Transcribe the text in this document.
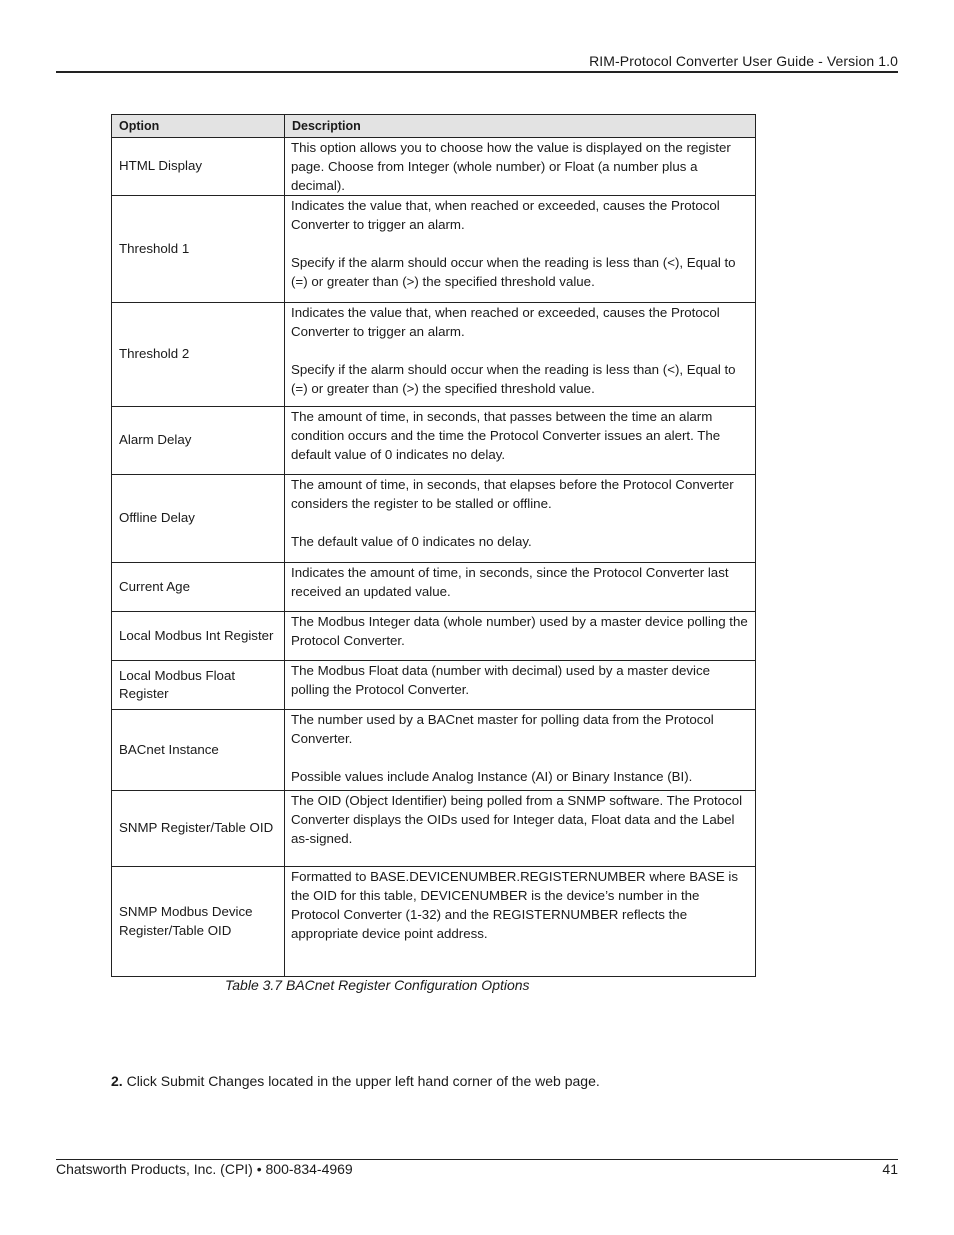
RIM-Protocol Converter User Guide - Version 1.0
Option	Description
HTML Display	This option allows you to choose how the value is displayed on the register page. Choose from Integer (whole number) or Float (a number plus a decimal).

Threshold 1	Indicates the value that, when reached or exceeded, causes the Protocol Converter to trigger an alarm.
Specify if the alarm should occur when the reading is less than (<), Equal to (=) or greater than (>) the specified threshold value.

Threshold 2	Indicates the value that, when reached or exceeded, causes the Protocol Converter to trigger an alarm.
Specify if the alarm should occur when the reading is less than (<), Equal to (=) or greater than (>) the specified threshold value.

Alarm Delay	The amount of time, in seconds, that passes between the time an alarm condition occurs and the time the Protocol Converter issues an alert. The default value of 0 indicates no delay.

Offline Delay	The amount of time, in seconds, that elapses before the Protocol Converter considers the register to be stalled or offline.
The default value of 0 indicates no delay.

Current Age	Indicates the amount of time, in seconds, since the Protocol Converter last received an updated value.

Local Modbus Int Register	The Modbus Integer data (whole number) used by a master device polling the Protocol Converter.

Local Modbus Float Register	The Modbus Float data (number with decimal) used by a master device polling the Protocol Converter.

BACnet Instance	The number used by a BACnet master for polling data from the Protocol Converter.
Possible values include Analog Instance (AI) or Binary Instance (BI).

SNMP Register/Table OID	The OID (Object Identifier) being polled from a SNMP software. The Protocol Converter displays the OIDs used for Integer data, Float data and the Label as-signed.

SNMP Modbus Device Register/Table OID	Formatted to BASE.DEVICENUMBER.REGISTERNUMBER where BASE is the OID for this table, DEVICENUMBER is the device’s number in the Protocol Converter (1-32) and the REGISTERNUMBER reflects the appropriate device point address.
Table 3.7 BACnet Register Configuration Options
2. Click Submit Changes located in the upper left hand corner of the web page.
Chatsworth Products, Inc. (CPI) • 800-834-4969	41
